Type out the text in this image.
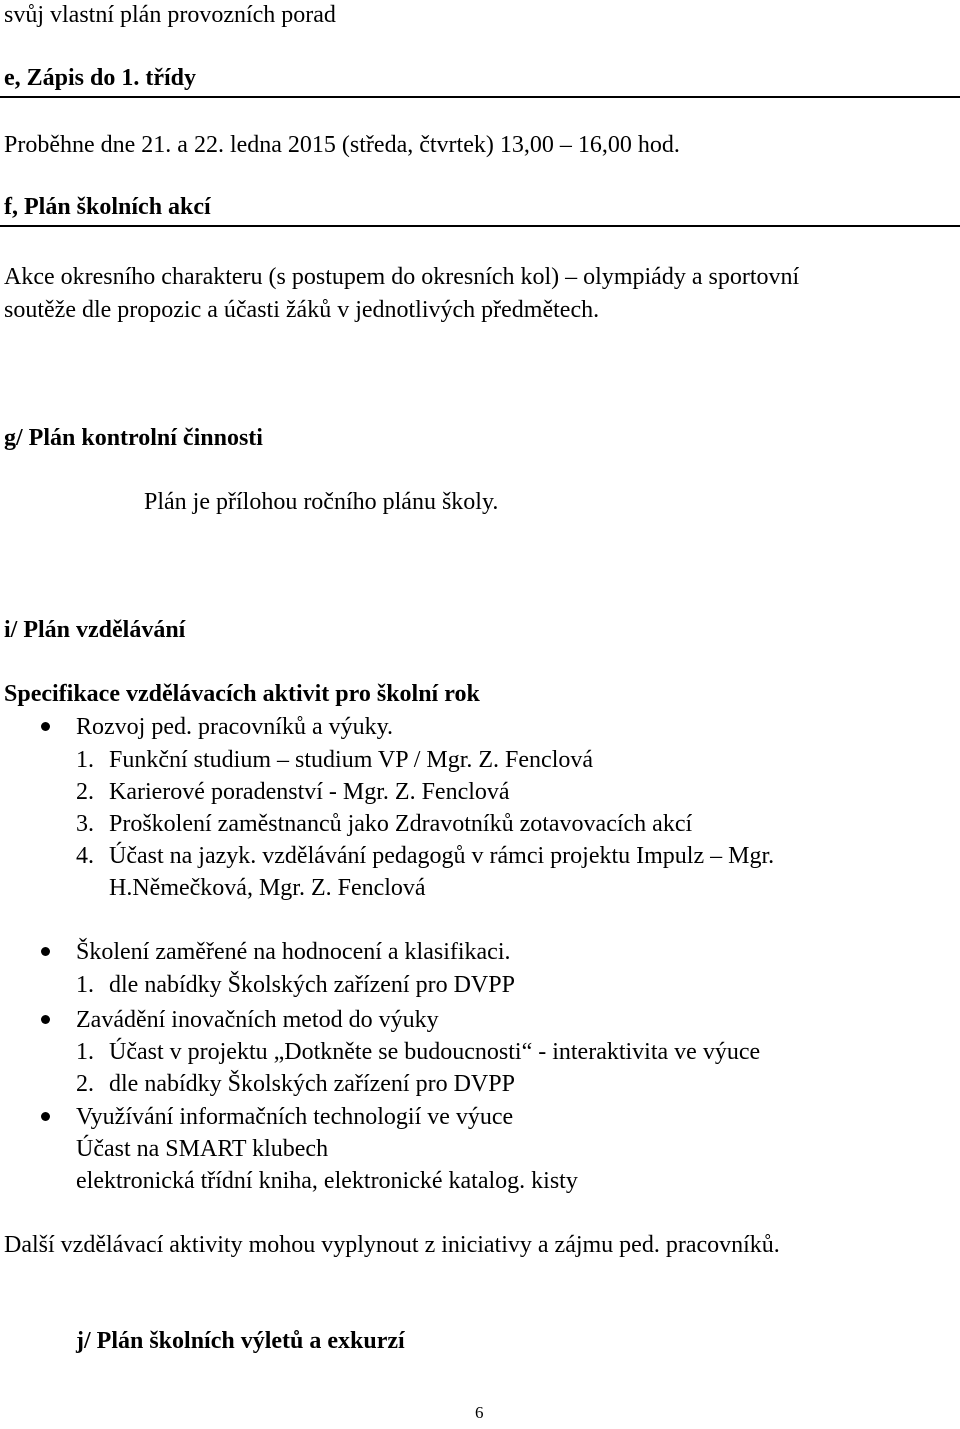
svůj vlastní plán provozních porad
e, Zápis do 1. třídy
Proběhne dne 21. a 22. ledna 2015 (středa, čtvrtek) 13,00 – 16,00 hod.
f, Plán školních akcí
Akce okresního charakteru (s postupem do okresních kol) – olympiády a sportovní
soutěže dle propozic a účasti žáků v jednotlivých předmětech.
g/ Plán kontrolní činnosti
Plán je přílohou ročního plánu školy.
i/ Plán vzdělávání
Specifikace vzdělávacích aktivit pro školní rok
Rozvoj ped. pracovníků a výuky.
1. Funkční studium – studium VP / Mgr. Z. Fenclová
2. Karierové poradenství - Mgr. Z. Fenclová
3. Proškolení zaměstnanců jako Zdravotníků zotavovacích akcí
4. Účast na jazyk. vzdělávání pedagogů v rámci projektu Impulz – Mgr.
H.Němečková, Mgr. Z. Fenclová
Školení zaměřené na hodnocení a klasifikaci.
1. dle nabídky Školských zařízení pro DVPP
Zavádění inovačních metod do výuky
1. Účast v projektu „Dotkněte se budoucnosti“ - interaktivita ve výuce
2. dle nabídky Školských zařízení pro DVPP
Využívání informačních technologií ve výuce
Účast na SMART klubech
elektronická třídní kniha, elektronické katalog. kisty
Další vzdělávací aktivity mohou vyplynout z iniciativy a zájmu ped. pracovníků.
j/ Plán školních výletů a exkurzí
6
